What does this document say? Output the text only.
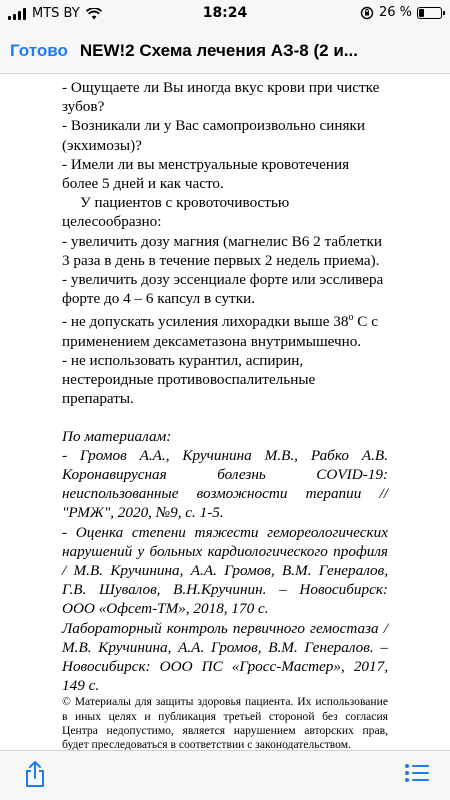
MTS BY	18:24	26 %
Готово NEW!2 Схема лечения АЗ-8 (2 и...

- Ощущаете ли Вы иногда вкус крови при чистке зубов?

- Возникали ли у Вас самопроизвольно синяки (экхимозы)?

- Имели ли вы менструальные кровотечения более 5 дней и как часто.

У пациентов с кровоточивостью целесообразно:

- увеличить дозу магния (магнелис В6 2 таблетки 3 раза в день в течение первых 2 недель приема).

- увеличить дозу эссенциале форте или эссливера форте до 4 – 6 капсул в сутки.

- не допускать усиления лихорадки выше $38^о$ С с применением дексаметазона внутримышечно.

- не использовать курантил, аспирин, нестероидные противовоспалительные препараты.

По материалам:

- Громов А.А., Кручинина М.В., Рабко А.В. Коронавирусная болезнь COVID-19: неиспользованные возможности терапии // "РМЖ", 2020, №9, с. 1-5.

- Оценка степени тяжести гемореологических нарушений у больных кардиологического профиля / М.В. Кручинина, А.А. Громов, В.М. Генералов, Г.В. Шувалов, В.Н.Кручинин. – Новосибирск: ООО «Офсет-ТМ», 2018, 170 с.

Лабораторный контроль первичного гемостаза / М.В. Кручинина, А.А. Громов, В.М. Генералов. – Новосибирск: ООО ПС «Гросс-Мастер», 2017, 149 с.

© Материалы для защиты здоровья пациента. Их использование в иных целях и публикация третьей стороной без согласия Центра недопустимо, является нарушением авторских прав, будет преследоваться в соответствии с законодательством.
